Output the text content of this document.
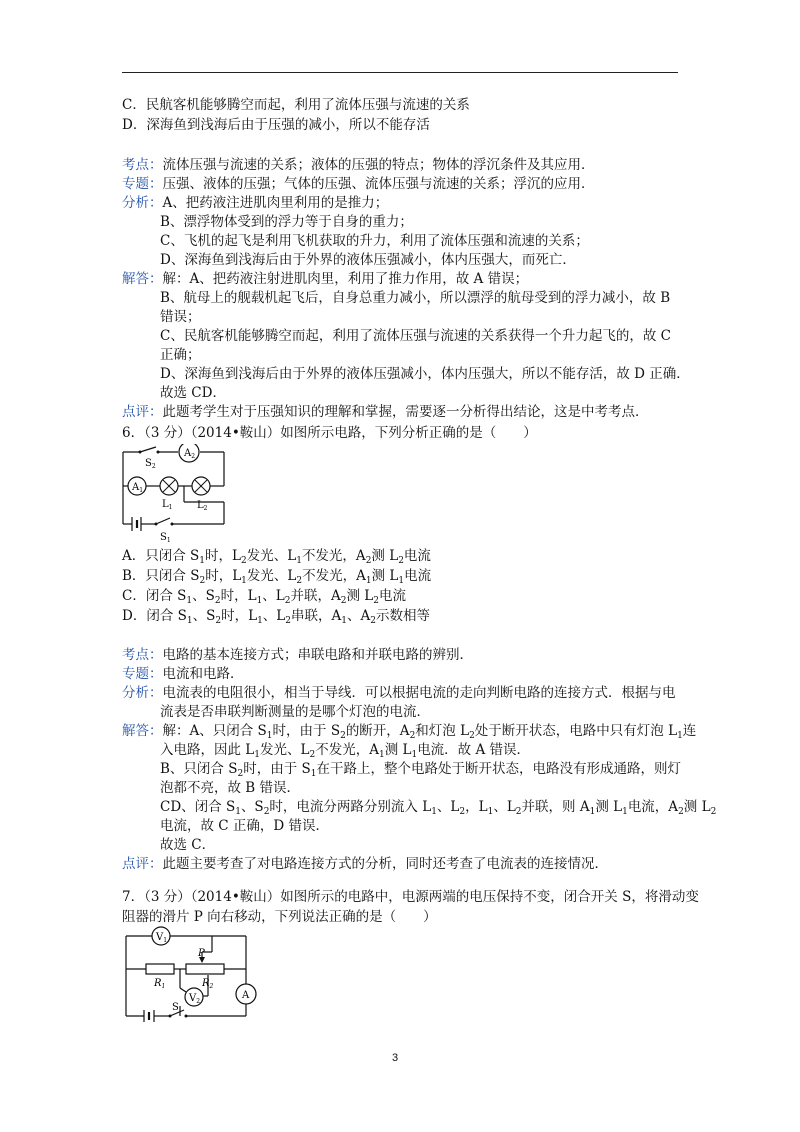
C．民航客机能够腾空而起，利用了流体压强与流速的关系
D．深海鱼到浅海后由于压强的减小，所以不能存活
考点：流体压强与流速的关系；液体的压强的特点；物体的浮沉条件及其应用．
专题：压强、液体的压强；气体的压强、流体压强与流速的关系；浮沉的应用．
分析：A、把药液注进肌肉里利用的是推力；
B、漂浮物体受到的浮力等于自身的重力；
C、飞机的起飞是利用飞机获取的升力，利用了流体压强和流速的关系；
D、深海鱼到浅海后由于外界的液体压强减小，体内压强大，而死亡．
解答：解：A、把药液注射进肌肉里，利用了推力作用，故 A 错误；
B、航母上的舰载机起飞后，自身总重力减小，所以漂浮的航母受到的浮力减小，故 B
错误；
C、民航客机能够腾空而起，利用了流体压强与流速的关系获得一个升力起飞的，故 C
正确；
D、深海鱼到浅海后由于外界的液体压强减小，体内压强大，所以不能存活，故 D 正确．
故选 CD．
点评：此题考学生对于压强知识的理解和掌握，需要逐一分析得出结论，这是中考考点．
6．（3 分）（2014•鞍山）如图所示电路，下列分析正确的是（　　）
$A_2$
$A_1$
$S_2$
$L_1$ $L_2$
$S_1$
A．只闭合 $S_1$时，$L_2$发光、$L_1$不发光，$A_2$测 $L_2$电流
B．只闭合 $S_2$时，$L_1$发光、$L_2$不发光，$A_1$测 $L_1$电流
C．闭合 $S_1$、$S_2$时，$L_1$、$L_2$并联，$A_2$测 $L_2$电流
D．闭合 $S_1$、$S_2$时，$L_1$、$L_2$串联，$A_1$、$A_2$示数相等
考点：电路的基本连接方式；串联电路和并联电路的辨别．
专题：电流和电路．
分析：电流表的电阻很小，相当于导线．可以根据电流的走向判断电路的连接方式．根据与电
流表是否串联判断测量的是哪个灯泡的电流．
解答：解：A、只闭合 $S_1$时，由于 $S_2$的断开，$A_2$和灯泡 $L_2$处于断开状态，电路中只有灯泡 $L_1$连
入电路，因此 $L_1$发光、$L_2$不发光，$A_1$测 $L_1$电流．故 A 错误．
B、只闭合 $S_2$时，由于 $S_1$在干路上，整个电路处于断开状态，电路没有形成通路，则灯
泡都不亮，故 B 错误．
CD、闭合 $S_1$、$S_2$时，电流分两路分别流入 $L_1$、$L_2$，$L_1$、$L_2$并联，则 $A_1$测 $L_1$电流，$A_2$测 $L_2$
电流，故 C 正确，D 错误．
故选 C．
点评：此题主要考查了对电路连接方式的分析，同时还考查了电流表的连接情况．
7．（3 分）（2014•鞍山）如图所示的电路中，电源两端的电压保持不变，闭合开关 S，将滑动变
阻器的滑片 P 向右移动，下列说法正确的是（　　）
$V_1$
$V_2$
A
P
$R_1$	$R_2$
S
3
